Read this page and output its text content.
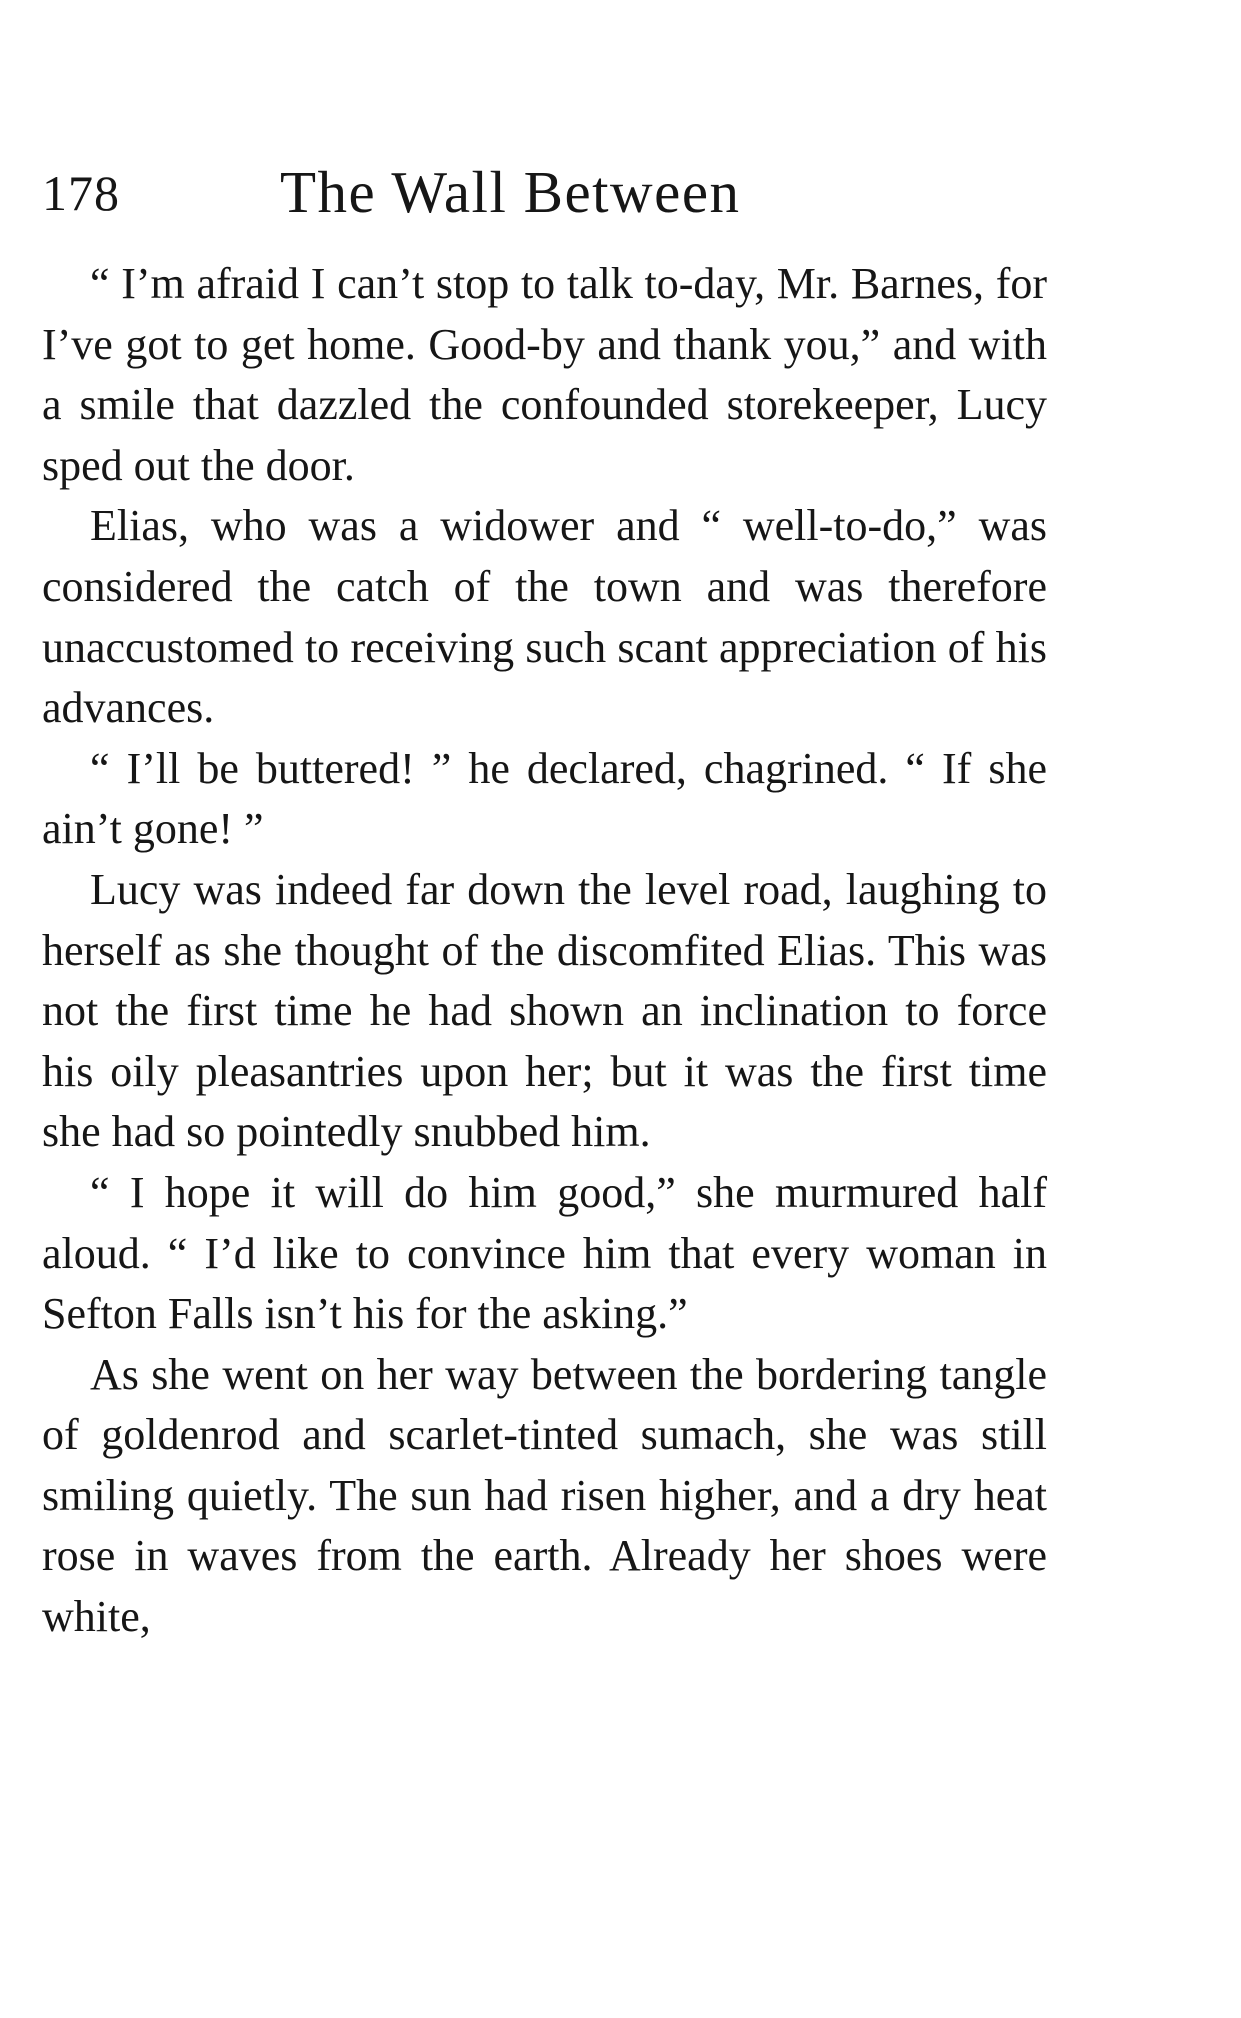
178	The Wall Between

“ I’m afraid I can’t stop to talk to-day, Mr. Barnes, for I’ve got to get home. Good-by and thank you,” and with a smile that dazzled the confounded storekeeper, Lucy sped out the door.

Elias, who was a widower and “ well-to-do,” was considered the catch of the town and was therefore unaccustomed to receiving such scant appreciation of his advances.

“ I’ll be buttered! ” he declared, chagrined. “ If she ain’t gone! ”

Lucy was indeed far down the level road, laughing to herself as she thought of the discomfited Elias. This was not the first time he had shown an inclination to force his oily pleasantries upon her; but it was the first time she had so pointedly snubbed him.

“ I hope it will do him good,” she murmured half aloud. “ I’d like to convince him that every woman in Sefton Falls isn’t his for the asking.”

As she went on her way between the bordering tangle of goldenrod and scarlet-tinted sumach, she was still smiling quietly. The sun had risen higher, and a dry heat rose in waves from the earth. Already her shoes were white,
